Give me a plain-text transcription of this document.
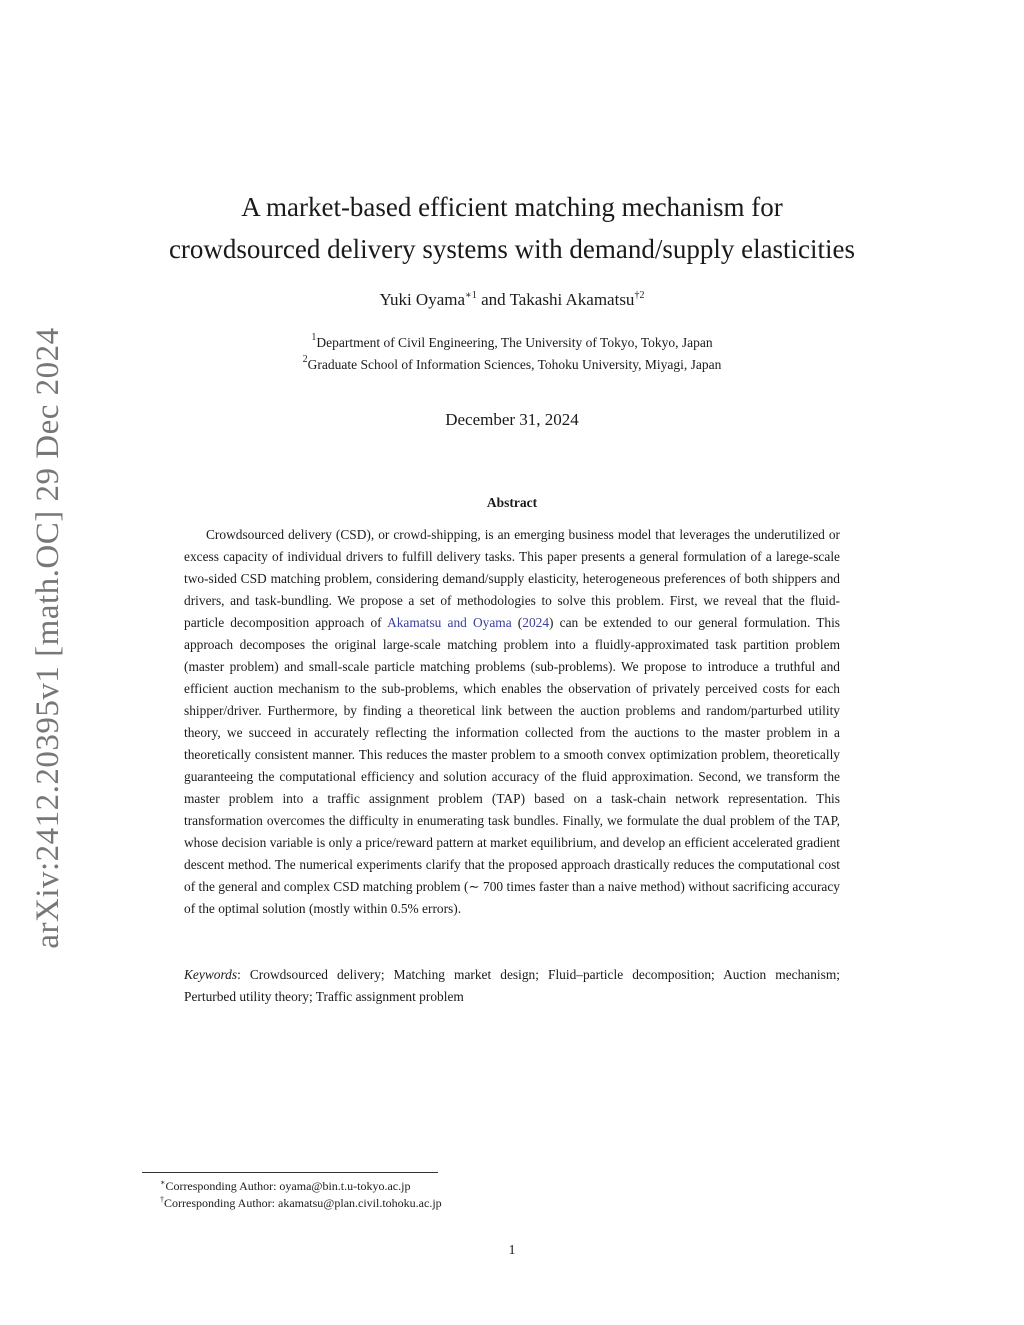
arXiv:2412.20395v1 [math.OC] 29 Dec 2024
A market-based efficient matching mechanism for
crowdsourced delivery systems with demand/supply elasticities
Yuki Oyama$^{∗1}$ and Takashi Akamatsu$^{\dagger 2}$
$^1$Department of Civil Engineering, The University of Tokyo, Tokyo, Japan
$^2$Graduate School of Information Sciences, Tohoku University, Miyagi, Japan
December 31, 2024
Abstract

Crowdsourced delivery (CSD), or crowd-shipping, is an emerging business model that leverages the underutilized or excess capacity of individual drivers to fulfill delivery tasks. This paper presents a general formulation of a larege-scale two-sided CSD matching problem, considering demand/supply elasticity, heterogeneous preferences of both shippers and drivers, and task-bundling. We propose a set of methodologies to solve this problem. First, we reveal that the fluid-particle decomposition approach of Akamatsu and Oyama (2024) can be extended to our general formulation. This approach decomposes the original large-scale matching problem into a fluidly-approximated task partition problem (master problem) and small-scale particle matching problems (sub-problems). We propose to introduce a truthful and efficient auction mechanism to the sub-problems, which enables the observation of privately perceived costs for each shipper/driver. Furthermore, by finding a theoretical link between the auction problems and random/parturbed utility theory, we succeed in accurately reflecting the information collected from the auctions to the master problem in a theoretically consistent manner. This reduces the master problem to a smooth convex optimization problem, theoretically guaranteeing the computational efficiency and solution accuracy of the fluid approximation. Second, we transform the master problem into a traffic assignment problem (TAP) based on a task-chain network representation. This transformation overcomes the difficulty in enumerating task bundles. Finally, we formulate the dual problem of the TAP, whose decision variable is only a price/reward pattern at market equilibrium, and develop an efficient accelerated gradient descent method. The numerical experiments clarify that the proposed approach drastically reduces the computational cost of the general and complex CSD matching problem (∼ 700 times faster than a naive method) without sacrificing accuracy of the optimal solution (mostly within 0.5% errors).

Keywords: Crowdsourced delivery; Matching market design; Fluid–particle decomposition; Auction mechanism; Perturbed utility theory; Traffic assignment problem

∗Corresponding Author: oyama@bin.t.u-tokyo.ac.jp
†Corresponding Author: akamatsu@plan.civil.tohoku.ac.jp
1
